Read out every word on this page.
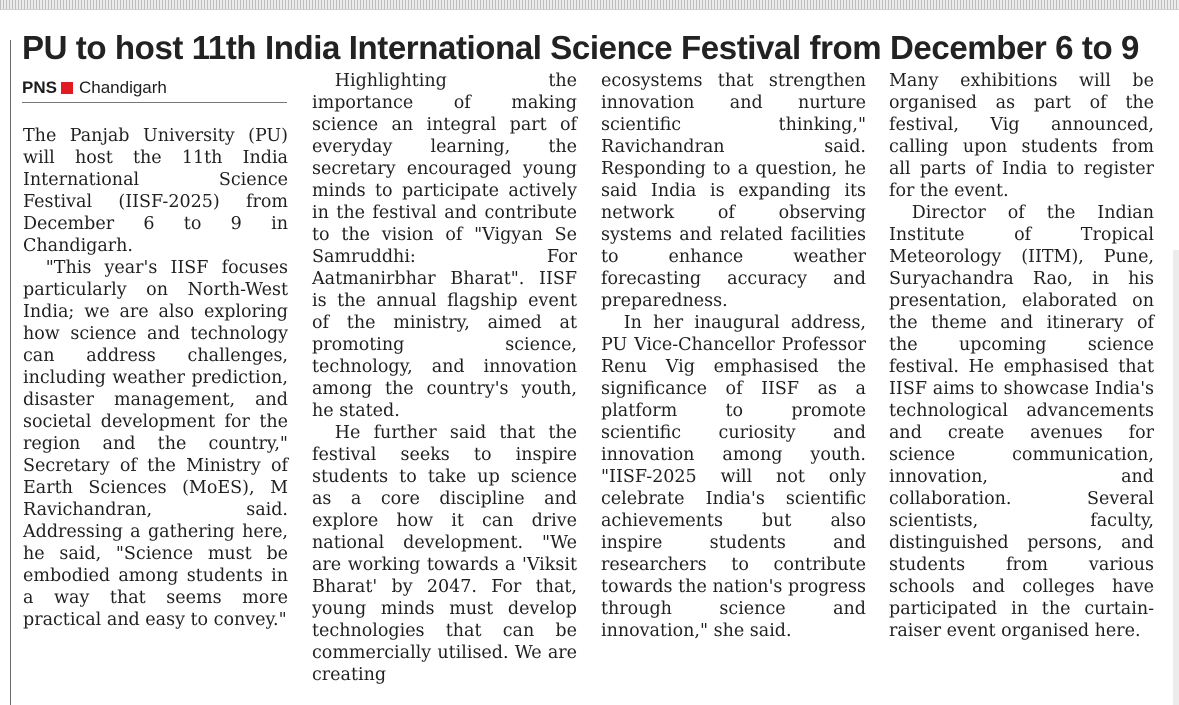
PU to host 11th India International Science Festival from December 6 to 9
PNS Chandigarh

The Panjab University (PU) will host the 11th India International Science Festival (IISF-2025) from December 6 to 9 in Chandigarh.

"This year's IISF focuses particularly on North-West India; we are also exploring how science and technology can address challenges, including weather prediction, disaster management, and societal development for the region and the country," Secretary of the Ministry of Earth Sciences (MoES), M Ravichandran, said. Addressing a gathering here, he said, "Science must be embodied among students in a way that seems more practical and easy to convey."

Highlighting the importance of making science an integral part of everyday learning, the secretary encouraged young minds to participate actively in the festival and contribute to the vision of "Vigyan Se Samruddhi: For Aatmanirbhar Bharat". IISF is the annual flagship event of the ministry, aimed at promoting science, technology, and innovation among the country's youth, he stated.

He further said that the festival seeks to inspire students to take up science as a core discipline and explore how it can drive national development. "We are working towards a 'Viksit Bharat' by 2047. For that, young minds must develop technologies that can be commercially utilised. We are creating

ecosystems that strengthen innovation and nurture scientific thinking," Ravichandran said. Responding to a question, he said India is expanding its network of observing systems and related facilities to enhance weather forecasting accuracy and preparedness.

In her inaugural address, PU Vice-Chancellor Professor Renu Vig emphasised the significance of IISF as a platform to promote scientific curiosity and innovation among youth. "IISF-2025 will not only celebrate India's scientific achievements but also inspire students and researchers to contribute towards the nation's progress through science and innovation," she said.

Many exhibitions will be organised as part of the festival, Vig announced, calling upon students from all parts of India to register for the event.

Director of the Indian Institute of Tropical Meteorology (IITM), Pune, Suryachandra Rao, in his presentation, elaborated on the theme and itinerary of the upcoming science festival. He emphasised that IISF aims to showcase India's technological advancements and create avenues for science communication, innovation, and collaboration. Several scientists, faculty, distinguished persons, and students from various schools and colleges have participated in the curtain-raiser event organised here.
